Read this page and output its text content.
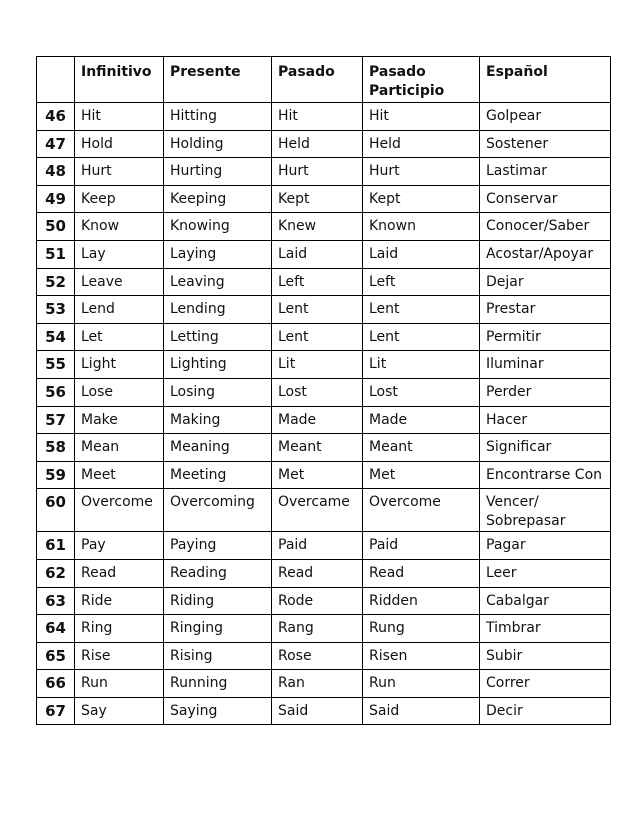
	Infinitivo	Presente	Pasado	Pasado Participio	Español
46	Hit	Hitting	Hit	Hit	Golpear
47	Hold	Holding	Held	Held	Sostener
48	Hurt	Hurting	Hurt	Hurt	Lastimar
49	Keep	Keeping	Kept	Kept	Conservar
50	Know	Knowing	Knew	Known	Conocer/Saber
51	Lay	Laying	Laid	Laid	Acostar/Apoyar
52	Leave	Leaving	Left	Left	Dejar
53	Lend	Lending	Lent	Lent	Prestar
54	Let	Letting	Lent	Lent	Permitir
55	Light	Lighting	Lit	Lit	Iluminar
56	Lose	Losing	Lost	Lost	Perder
57	Make	Making	Made	Made	Hacer
58	Mean	Meaning	Meant	Meant	Significar
59	Meet	Meeting	Met	Met	Encontrarse Con
60	Overcome	Overcoming	Overcame	Overcome	Vencer/ Sobrepasar
61	Pay	Paying	Paid	Paid	Pagar
62	Read	Reading	Read	Read	Leer
63	Ride	Riding	Rode	Ridden	Cabalgar
64	Ring	Ringing	Rang	Rung	Timbrar
65	Rise	Rising	Rose	Risen	Subir
66	Run	Running	Ran	Run	Correr
67	Say	Saying	Said	Said	Decir
